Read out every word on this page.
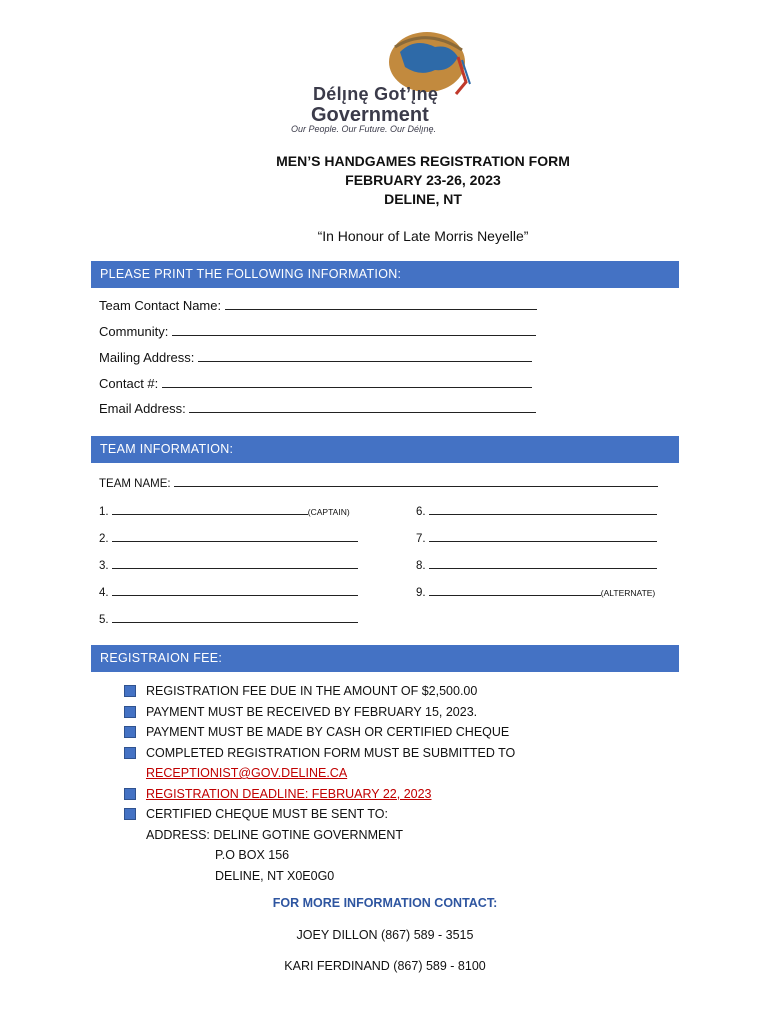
Délı̨nę Got’ı̨nę
Government
Our People. Our Future. Our Délı̨nę.
MEN’S HANDGAMES REGISTRATION FORM
FEBRUARY 23-26, 2023
DELINE, NT
“In Honour of Late Morris Neyelle”
PLEASE PRINT THE FOLLOWING INFORMATION:
Team Contact Name:
Community:
Mailing Address:
Contact #:
Email Address:
TEAM INFORMATION:
TEAM NAME:
1.	(CAPTAIN)
2.
3.
4.
5.
6.
7.
8.
9.	(ALTERNATE)
REGISTRAION FEE:
REGISTRATION FEE DUE IN THE AMOUNT OF $2,500.00
PAYMENT MUST BE RECEIVED BY FEBRUARY 15, 2023.
PAYMENT MUST BE MADE BY CASH OR CERTIFIED CHEQUE
COMPLETED REGISTRATION FORM MUST BE SUBMITTED TO
RECEPTIONIST@GOV.DELINE.CA
REGISTRATION DEADLINE: FEBRUARY 22, 2023
CERTIFIED CHEQUE MUST BE SENT TO:
ADDRESS: DELINE GOTINE GOVERNMENT
P.O BOX 156
DELINE, NT X0E0G0
FOR MORE INFORMATION CONTACT:
JOEY DILLON (867) 589 - 3515
KARI FERDINAND (867) 589 - 8100
